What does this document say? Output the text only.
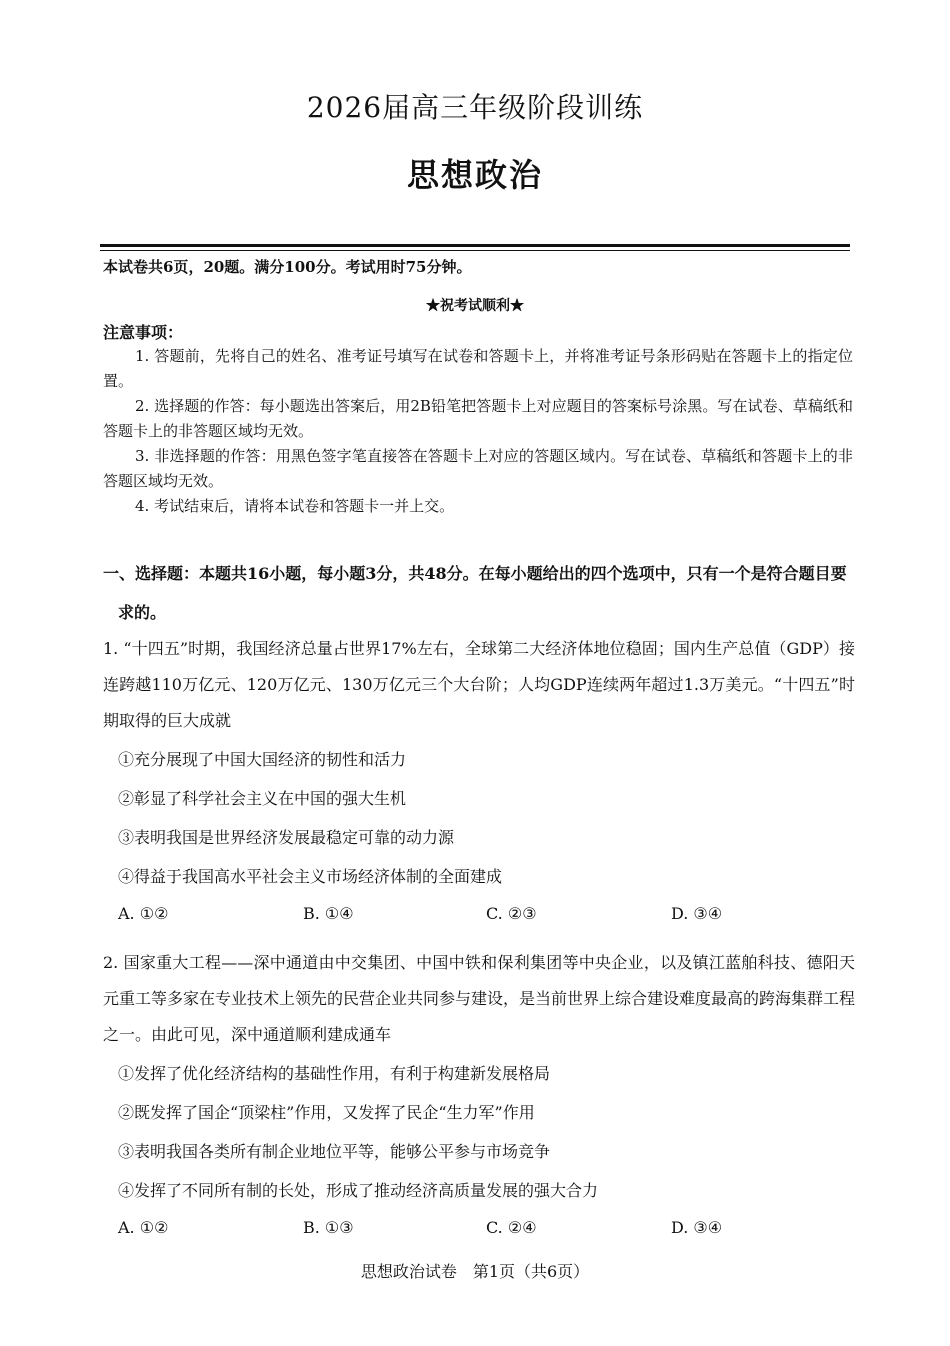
2026届高三年级阶段训练
思想政治
本试卷共6页，20题。满分100分。考试用时75分钟。
★祝考试顺利★
注意事项：

1. 答题前，先将自己的姓名、准考证号填写在试卷和答题卡上，并将准考证号条形码贴在答题卡上的指定位置。

2. 选择题的作答：每小题选出答案后，用2B铅笔把答题卡上对应题目的答案标号涂黑。写在试卷、草稿纸和答题卡上的非答题区域均无效。

3. 非选择题的作答：用黑色签字笔直接答在答题卡上对应的答题区域内。写在试卷、草稿纸和答题卡上的非答题区域均无效。

4. 考试结束后，请将本试卷和答题卡一并上交。

一、选择题：本题共16小题，每小题3分，共48分。在每小题给出的四个选项中，只有一个是符合题目要
求的。
1. “十四五”时期，我国经济总量占世界17%左右，全球第二大经济体地位稳固；国内生产总值（GDP）接连跨越110万亿元、120万亿元、130万亿元三个大台阶；人均GDP连续两年超过1.3万美元。“十四五”时期取得的巨大成就
①充分展现了中国大国经济的韧性和活力
②彰显了科学社会主义在中国的强大生机
③表明我国是世界经济发展最稳定可靠的动力源
④得益于我国高水平社会主义市场经济体制的全面建成
A. ①②	B. ①④	C. ②③	D. ③④
2. 国家重大工程——深中通道由中交集团、中国中铁和保利集团等中央企业，以及镇江蓝舶科技、德阳天元重工等多家在专业技术上领先的民营企业共同参与建设，是当前世界上综合建设难度最高的跨海集群工程之一。由此可见，深中通道顺利建成通车
①发挥了优化经济结构的基础性作用，有利于构建新发展格局
②既发挥了国企“顶梁柱”作用，又发挥了民企“生力军”作用
③表明我国各类所有制企业地位平等，能够公平参与市场竞争
④发挥了不同所有制的长处，形成了推动经济高质量发展的强大合力
A. ①②	B. ①③	C. ②④	D. ③④
思想政治试卷　第1页（共6页）
